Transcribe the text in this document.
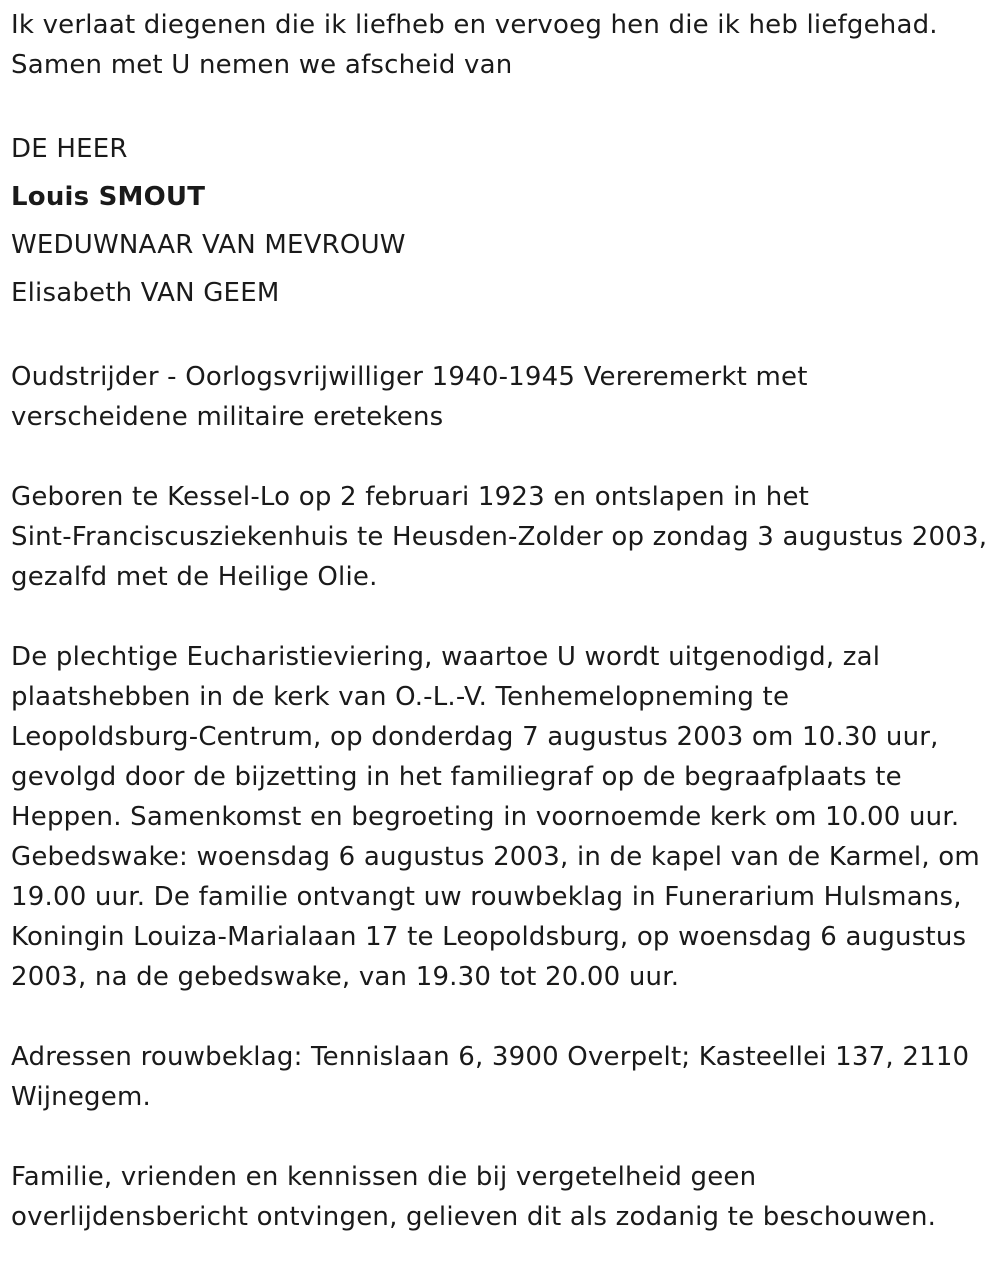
Ik verlaat diegenen die ik liefheb en vervoeg hen die ik heb liefgehad.
Samen met U nemen we afscheid van
DE HEER
Louis SMOUT
WEDUWNAAR VAN MEVROUW
Elisabeth VAN GEEM
Oudstrijder - Oorlogsvrijwilliger 1940-1945 Vereremerkt met
verscheidene militaire eretekens
Geboren te Kessel-Lo op 2 februari 1923 en ontslapen in het
Sint-Franciscusziekenhuis te Heusden-Zolder op zondag 3 augustus 2003,
gezalfd met de Heilige Olie.
De plechtige Eucharistieviering, waartoe U wordt uitgenodigd, zal
plaatshebben in de kerk van O.-L.-V. Tenhemelopneming te
Leopoldsburg-Centrum, op donderdag 7 augustus 2003 om 10.30 uur,
gevolgd door de bijzetting in het familiegraf op de begraafplaats te
Heppen. Samenkomst en begroeting in voornoemde kerk om 10.00 uur.
Gebedswake: woensdag 6 augustus 2003, in de kapel van de Karmel, om
19.00 uur. De familie ontvangt uw rouwbeklag in Funerarium Hulsmans,
Koningin Louiza-Marialaan 17 te Leopoldsburg, op woensdag 6 augustus
2003, na de gebedswake, van 19.30 tot 20.00 uur.
Adressen rouwbeklag: Tennislaan 6, 3900 Overpelt; Kasteellei 137, 2110
Wijnegem.
Familie, vrienden en kennissen die bij vergetelheid geen
overlijdensbericht ontvingen, gelieven dit als zodanig te beschouwen.
